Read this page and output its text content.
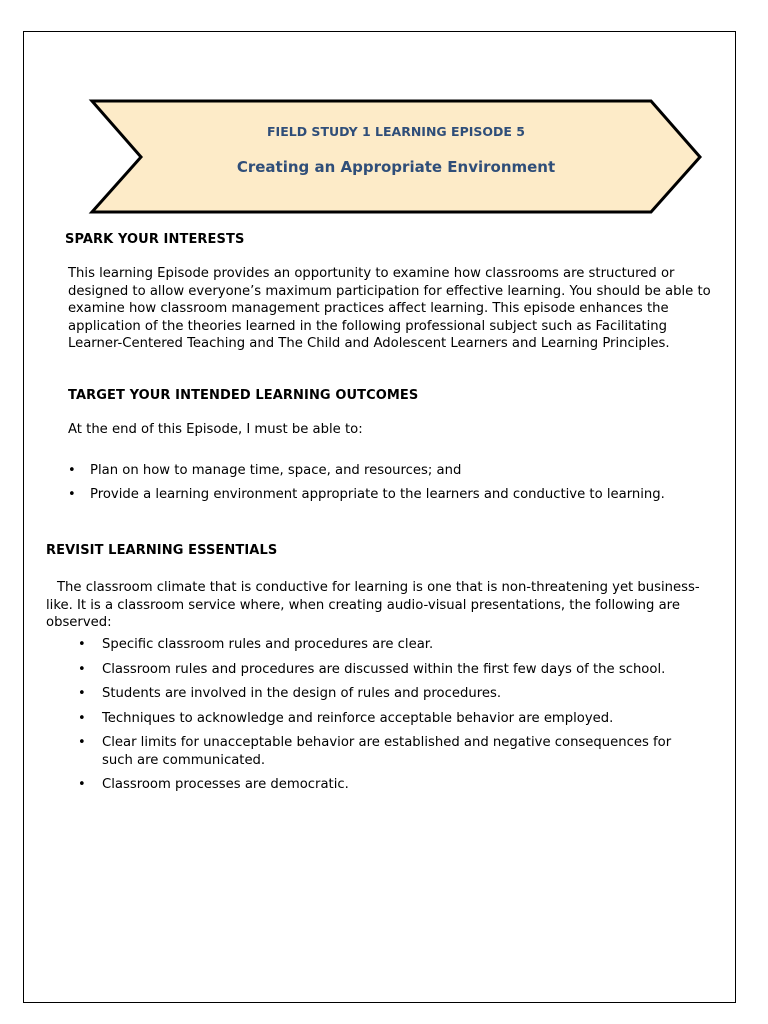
FIELD STUDY 1 LEARNING EPISODE 5
Creating an Appropriate Environment
SPARK YOUR INTERESTS
This learning Episode provides an opportunity to examine how classrooms are structured or designed to allow everyone’s maximum participation for effective learning. You should be able to examine how classroom management practices affect learning. This episode enhances the application of the theories learned in the following professional subject such as Facilitating Learner-Centered Teaching and The Child and Adolescent Learners and Learning Principles.
TARGET YOUR INTENDED LEARNING OUTCOMES
At the end of this Episode, I must be able to:
• Plan on how to manage time, space, and resources; and
• Provide a learning environment appropriate to the learners and conductive to learning.
REVISIT LEARNING ESSENTIALS
The classroom climate that is conductive for learning is one that is non-threatening yet business-like. It is a classroom service where, when creating audio-visual presentations, the following are observed:
• Specific classroom rules and procedures are clear.
• Classroom rules and procedures are discussed within the first few days of the school.
• Students are involved in the design of rules and procedures.
• Techniques to acknowledge and reinforce acceptable behavior are employed.
• Clear limits for unacceptable behavior are established and negative consequences for such are communicated.
• Classroom processes are democratic.
